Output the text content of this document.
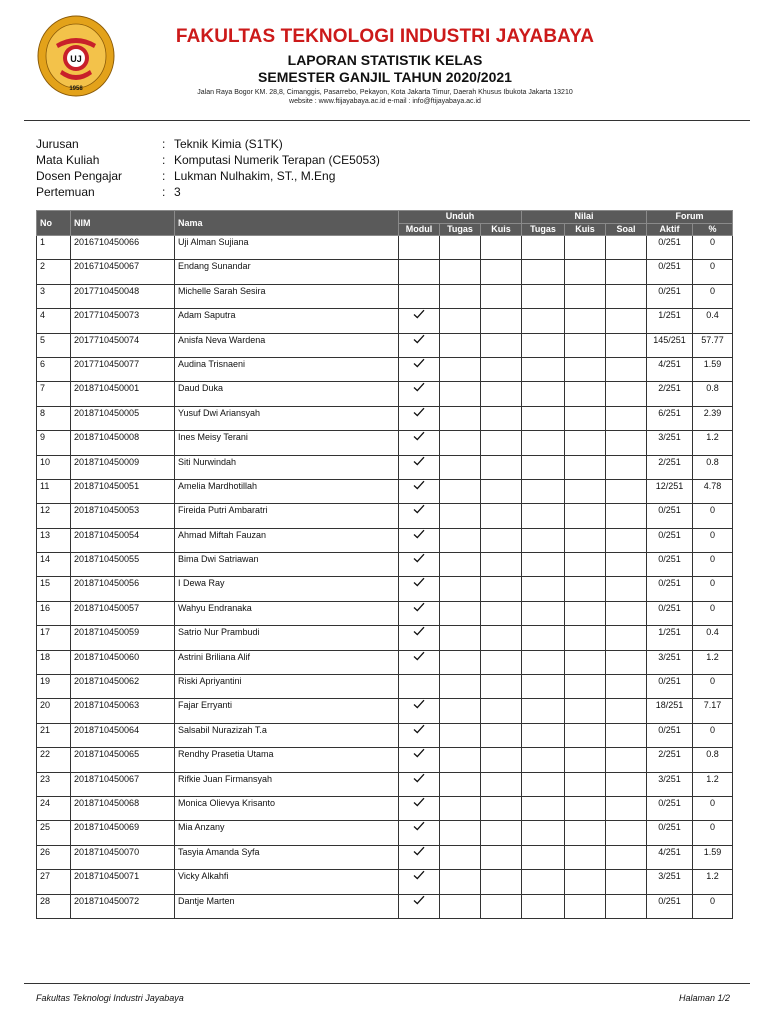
UJ
1958
FAKULTAS TEKNOLOGI INDUSTRI JAYABAYA
LAPORAN STATISTIK KELAS
SEMESTER GANJIL TAHUN 2020/2021
Jalan Raya Bogor KM. 28,8, Cimanggis, Pasarrebo, Pekayon, Kota Jakarta Timur, Daerah Khusus Ibukota Jakarta 13210
website : www.ftijayabaya.ac.id e-mail : info@ftijayabaya.ac.id
Jurusan	: Teknik Kimia (S1TK)
Mata Kuliah	: Komputasi Numerik Terapan (CE5053)
Dosen Pengajar	: Lukman Nulhakim, ST., M.Eng
Pertemuan	: 3
No	NIM	Nama	Unduh			Nilai			Forum	
			Modul	Tugas	Kuis	Tugas	Kuis	Soal	Aktif	%
1	2016710450066	Uji Alman Sujiana							0/251	0
2	2016710450067	Endang Sunandar							0/251	0
3	2017710450048	Michelle Sarah Sesira							0/251	0
4	2017710450073	Adam Saputra							1/251	0.4
5	2017710450074	Anisfa Neva Wardena							145/251	57.77
6	2017710450077	Audina Trisnaeni							4/251	1.59
7	2018710450001	Daud Duka							2/251	0.8
8	2018710450005	Yusuf Dwi Ariansyah							6/251	2.39
9	2018710450008	Ines Meisy Terani							3/251	1.2
10	2018710450009	Siti Nurwindah							2/251	0.8
11	2018710450051	Amelia Mardhotillah							12/251	4.78
12	2018710450053	Fireida Putri Ambaratri							0/251	0
13	2018710450054	Ahmad Miftah Fauzan							0/251	0
14	2018710450055	Bima Dwi Satriawan							0/251	0
15	2018710450056	I Dewa Ray							0/251	0
16	2018710450057	Wahyu Endranaka							0/251	0
17	2018710450059	Satrio Nur Prambudi							1/251	0.4
18	2018710450060	Astrini Briliana Alif							3/251	1.2
19	2018710450062	Riski Apriyantini							0/251	0
20	2018710450063	Fajar Erryanti							18/251	7.17
21	2018710450064	Salsabil Nurazizah T.a							0/251	0
22	2018710450065	Rendhy Prasetia Utama							2/251	0.8
23	2018710450067	Rifkie Juan Firmansyah							3/251	1.2
24	2018710450068	Monica Olievya Krisanto							0/251	0
25	2018710450069	Mia Anzany							0/251	0
26	2018710450070	Tasyia Amanda Syfa							4/251	1.59
27	2018710450071	Vicky Alkahfi							3/251	1.2
28	2018710450072	Dantje Marten							0/251	0
Fakultas Teknologi Industri Jayabaya	Halaman 1/2
